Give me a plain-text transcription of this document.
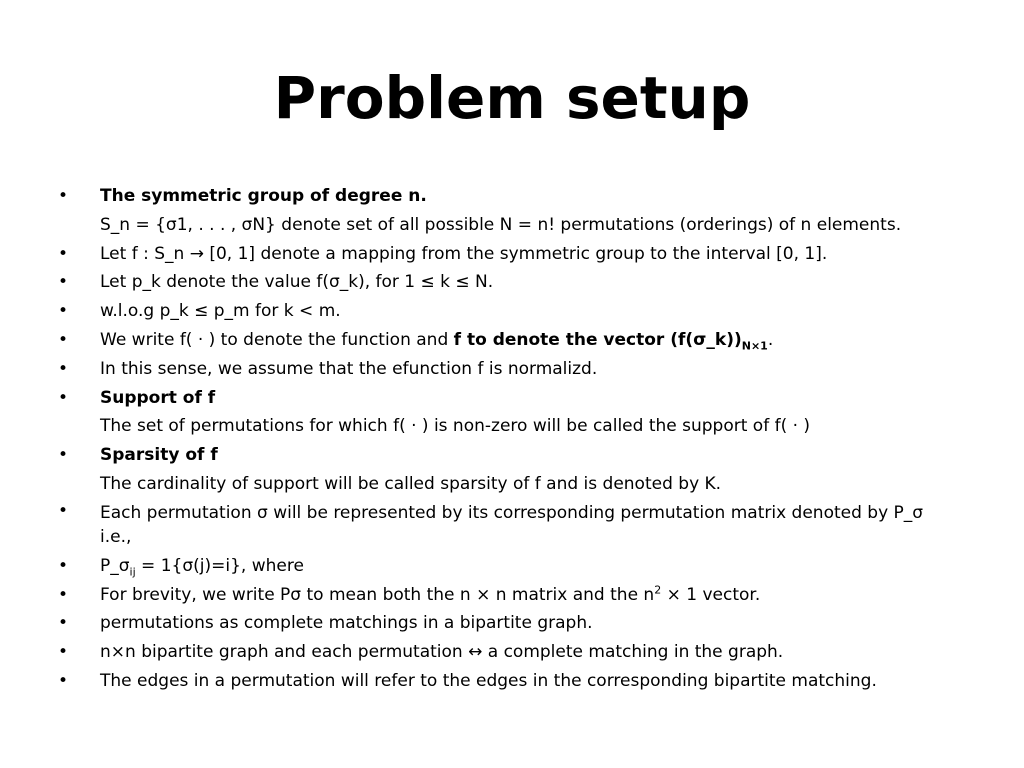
Problem setup
• The symmetric group of degree n.
S_n = {σ1, . . . , σN} denote set of all possible N = n! permutations (orderings) of n elements.
• Let f : S_n → [0, 1] denote a mapping from the symmetric group to the interval [0, 1].
• Let p_k denote the value f(σ_k), for 1 ≤ k ≤ N.
• w.l.o.g p_k ≤ p_m for k < m.
• We write f( · ) to denote the function and f to denote the vector $(f(\sigma\_k))_{N\times 1}$.
• In this sense, we assume that the efunction f is normalizd.
• Support of f
The set of permutations for which f( · ) is non-zero will be called the support of f( · )
• Sparsity of f
The cardinality of support will be called sparsity of f and is denoted by K.
• Each permutation σ will be represented by its corresponding permutation matrix denoted by P_σ i.e.,
• $P\_\sigma_{ij} = 1\{\sigma(j)=i\}$, where
• For brevity, we write Pσ to mean both the n × n matrix and the $n^2 \times 1$ vector.
• permutations as complete matchings in a bipartite graph.
• n×n bipartite graph and each permutation ↔ a complete matching in the graph.
• The edges in a permutation will refer to the edges in the corresponding bipartite matching.
